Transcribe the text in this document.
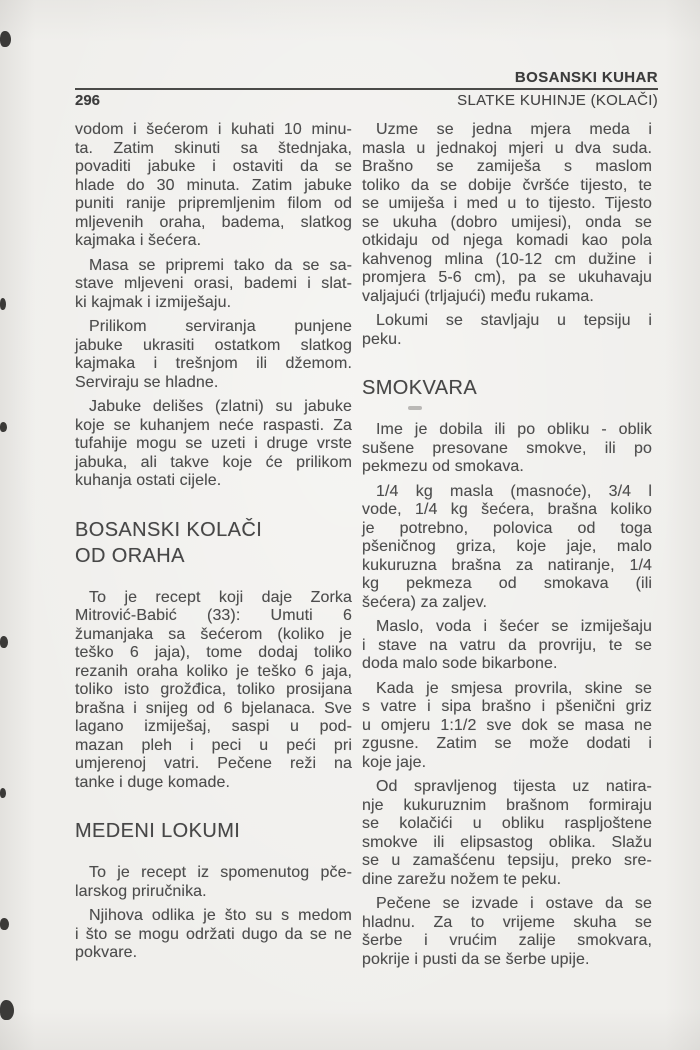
BOSANSKI KUHAR
296	SLATKE KUHINJE (KOLAČI)
vodom i šećerom i kuhati 10 minu-
ta. Zatim skinuti sa štednjaka,
povaditi jabuke i ostaviti da se
hlade do 30 minuta. Zatim jabuke
puniti ranije pripremljenim filom od
mljevenih oraha, badema, slatkog
kajmaka i šećera.
Masa se pripremi tako da se sa-
stave mljeveni orasi, bademi i slat-
ki kajmak i izmiješaju.
Prilikom serviranja punjene
jabuke ukrasiti ostatkom slatkog
kajmaka i trešnjom ili džemom.
Serviraju se hladne.
Jabuke delišes (zlatni) su jabuke
koje se kuhanjem neće raspasti. Za
tufahije mogu se uzeti i druge vrste
jabuka, ali takve koje će prilikom
kuhanja ostati cijele.
BOSANSKI KOLAČI
OD ORAHA
To je recept koji daje Zorka
Mitrović-Babić (33): Umuti 6
žumanjaka sa šećerom (koliko je
teško 6 jaja), tome dodaj toliko
rezanih oraha koliko je teško 6 jaja,
toliko isto grožđica, toliko prosijana
brašna i snijeg od 6 bjelanaca. Sve
lagano izmiješaj, saspi u pod-
mazan pleh i peci u peći pri
umjerenoj vatri. Pečene reži na
tanke i duge komade.
MEDENI LOKUMI
To je recept iz spomenutog pče-
larskog priručnika.
Njihova odlika je što su s medom
i što se mogu održati dugo da se ne
pokvare.
Uzme se jedna mjera meda i
masla u jednakoj mjeri u dva suda.
Brašno se zamiješa s maslom
toliko da se dobije čvršće tijesto, te
se umiješa i med u to tijesto. Tijesto
se ukuha (dobro umijesi), onda se
otkidaju od njega komadi kao pola
kahvenog mlina (10-12 cm dužine i
promjera 5-6 cm), pa se ukuhavaju
valjajući (trljajući) među rukama.
Lokumi se stavljaju u tepsiju i
peku.
SMOKVARA
Ime je dobila ili po obliku - oblik
sušene presovane smokve, ili po
pekmezu od smokava.
1/4 kg masla (masnoće), 3/4 l
vode, 1/4 kg šećera, brašna koliko
je potrebno, polovica od toga
pšeničnog griza, koje jaje, malo
kukuruzna brašna za natiranje, 1/4
kg pekmeza od smokava (ili
šećera) za zaljev.
Maslo, voda i šećer se izmiješaju
i stave na vatru da provriju, te se
doda malo sode bikarbone.
Kada je smjesa provrila, skine se
s vatre i sipa brašno i pšenični griz
u omjeru 1:1/2 sve dok se masa ne
zgusne. Zatim se može dodati i
koje jaje.
Od spravljenog tijesta uz natira-
nje kukuruznim brašnom formiraju
se kolačići u obliku raspljoštene
smokve ili elipsastog oblika. Slažu
se u zamašćenu tepsiju, preko sre-
dine zarežu nožem te peku.
Pečene se izvade i ostave da se
hladnu. Za to vrijeme skuha se
šerbe i vrućim zalije smokvara,
pokrije i pusti da se šerbe upije.
